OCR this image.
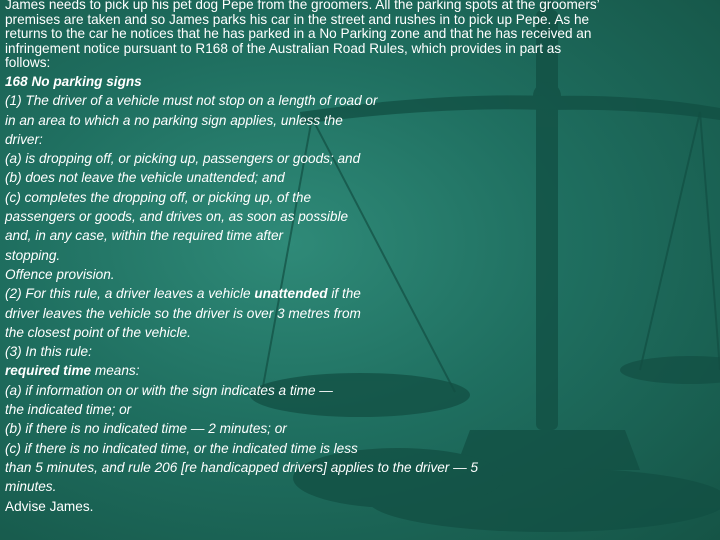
James needs to pick up his pet dog Pepe from the groomers. All the parking spots at the groomers’
premises are taken and so James parks his car in the street and rushes in to pick up Pepe. As he
returns to the car he notices that he has parked in a No Parking zone and that he has received an
infringement notice pursuant to R168 of the Australian Road Rules, which provides in part as
follows:
168 No parking signs
(1) The driver of a vehicle must not stop on a length of road or
in an area to which a no parking sign applies, unless the
driver:
(a) is dropping off, or picking up, passengers or goods; and
(b) does not leave the vehicle unattended; and
(c) completes the dropping off, or picking up, of the
passengers or goods, and drives on, as soon as possible
and, in any case, within the required time after
stopping.
Offence provision.
(2) For this rule, a driver leaves a vehicle unattended if the
driver leaves the vehicle so the driver is over 3 metres from
the closest point of the vehicle.
(3) In this rule:
required time means:
(a) if information on or with the sign indicates a time —
the indicated time; or
(b) if there is no indicated time — 2 minutes; or
(c) if there is no indicated time, or the indicated time is less
than 5 minutes, and rule 206 [re handicapped drivers] applies to the driver — 5
minutes.
Advise James.
